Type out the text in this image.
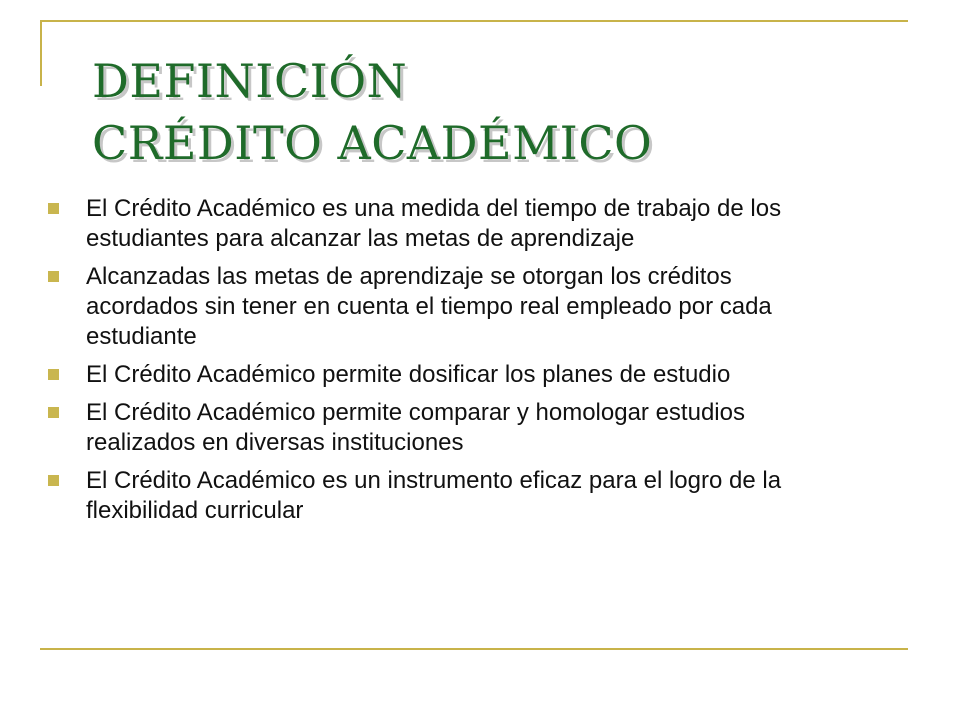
DEFINICIÓN
CRÉDITO ACADÉMICO
El Crédito Académico es una medida del tiempo de trabajo de los estudiantes para alcanzar las metas de aprendizaje
Alcanzadas las metas de aprendizaje se otorgan los créditos acordados sin tener en cuenta el tiempo real empleado por cada estudiante
El Crédito Académico permite dosificar los planes de estudio
El Crédito Académico permite comparar y homologar estudios realizados en diversas instituciones
El Crédito Académico es un instrumento eficaz para el logro de la flexibilidad curricular
